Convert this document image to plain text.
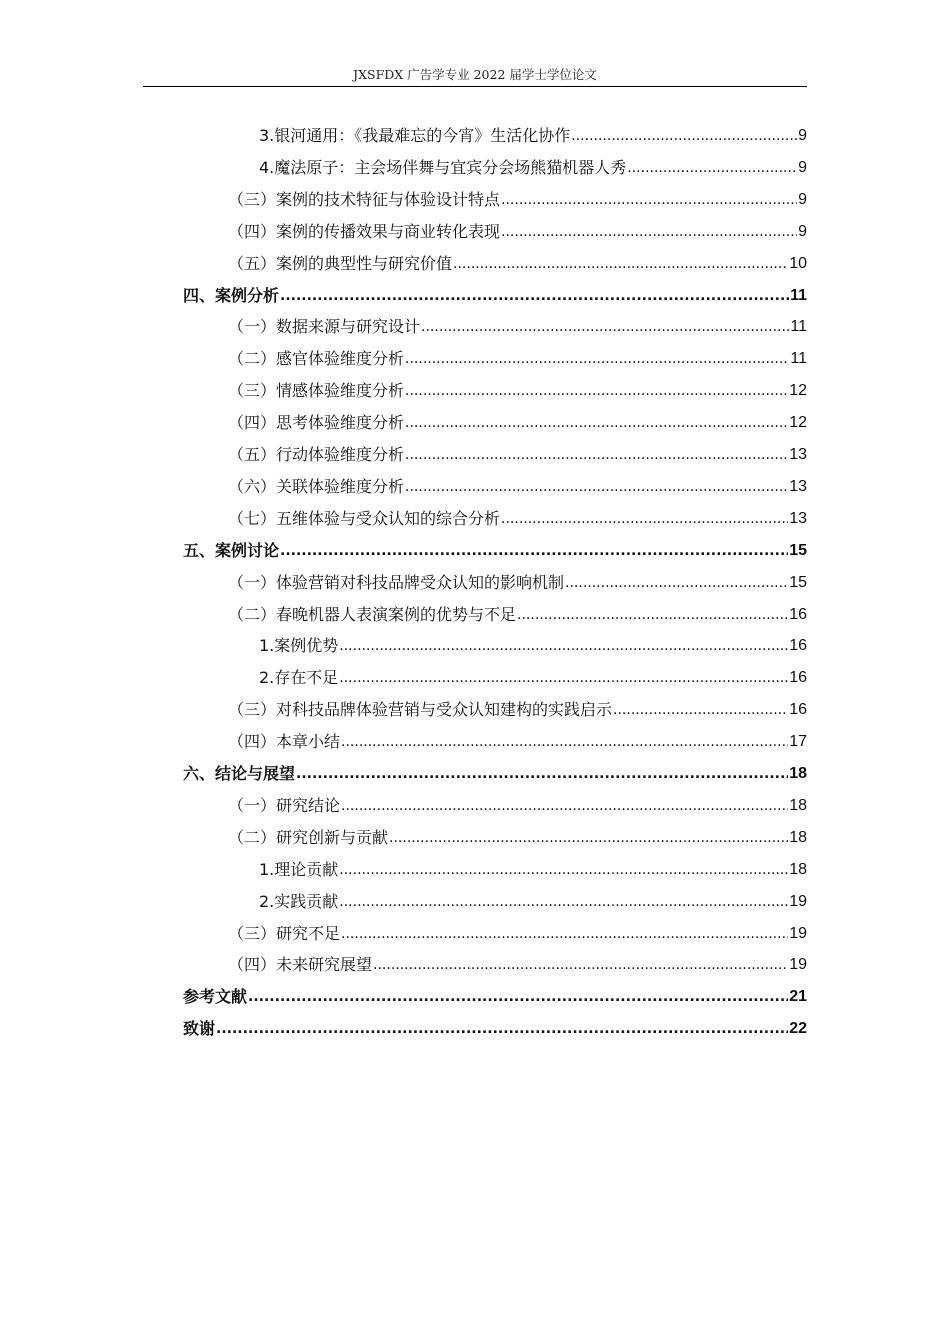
JXSFDX 广告学专业 2022 届学士学位论文
3.银河通用：《我最难忘的今宵》生活化协作 .....	9
4.魔法原子：主会场伴舞与宜宾分会场熊猫机器人秀 .....	9
（三）案例的技术特征与体验设计特点 .....	9
（四）案例的传播效果与商业转化表现 .....	9
（五）案例的典型性与研究价值 .....	10
四、案例分析 .....	11
（一）数据来源与研究设计 .....	11
（二）感官体验维度分析 .....	11
（三）情感体验维度分析 .....	12
（四）思考体验维度分析 .....	12
（五）行动体验维度分析 .....	13
（六）关联体验维度分析 .....	13
（七）五维体验与受众认知的综合分析 .....	13
五、案例讨论 .....	15
（一）体验营销对科技品牌受众认知的影响机制 .....	15
（二）春晚机器人表演案例的优势与不足 .....	16
1.案例优势 .....	16
2.存在不足 .....	16
（三）对科技品牌体验营销与受众认知建构的实践启示 .....	16
（四）本章小结 .....	17
六、结论与展望 .....	18
（一）研究结论 .....	18
（二）研究创新与贡献 .....	18
1.理论贡献 .....	18
2.实践贡献 .....	19
（三）研究不足 .....	19
（四）未来研究展望 .....	19
参考文献 .....	21
致谢 .....	22
